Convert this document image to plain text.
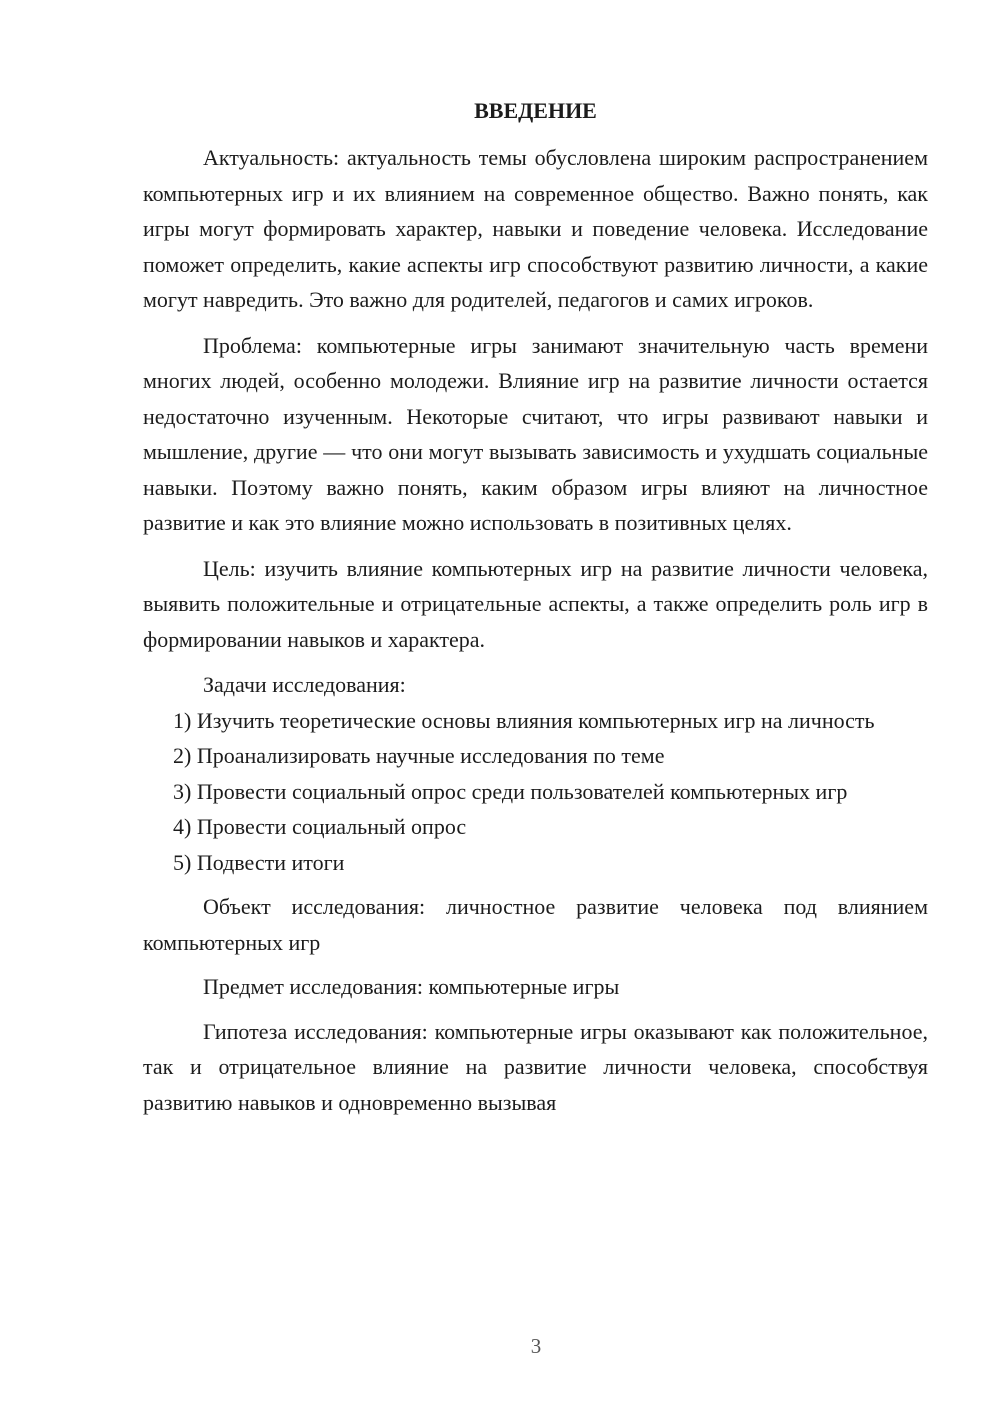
ВВЕДЕНИЕ

Актуальность: актуальность темы обусловлена широким распространением компьютерных игр и их влиянием на современное общество. Важно понять, как игры могут формировать характер, навыки и поведение человека. Исследование поможет определить, какие аспекты игр способствуют развитию личности, а какие могут навредить. Это важно для родителей, педагогов и самих игроков.

Проблема: компьютерные игры занимают значительную часть времени многих людей, особенно молодежи. Влияние игр на развитие личности остается недостаточно изученным. Некоторые считают, что игры развивают навыки и мышление, другие — что они могут вызывать зависимость и ухудшать социальные навыки. Поэтому важно понять, каким образом игры влияют на личностное развитие и как это влияние можно использовать в позитивных целях.

Цель: изучить влияние компьютерных игр на развитие личности человека, выявить положительные и отрицательные аспекты, а также определить роль игр в формировании навыков и характера.

Задачи исследования:

1) Изучить теоретические основы влияния компьютерных игр на личность

2) Проанализировать научные исследования по теме

3) Провести социальный опрос среди пользователей компьютерных игр

4) Провести социальный опрос

5) Подвести итоги

Объект исследования: личностное развитие человека под влиянием компьютерных игр

Предмет исследования: компьютерные игры

Гипотеза исследования: компьютерные игры оказывают как положительное, так и отрицательное влияние на развитие личности человека, способствуя развитию навыков и одновременно вызывая

3
